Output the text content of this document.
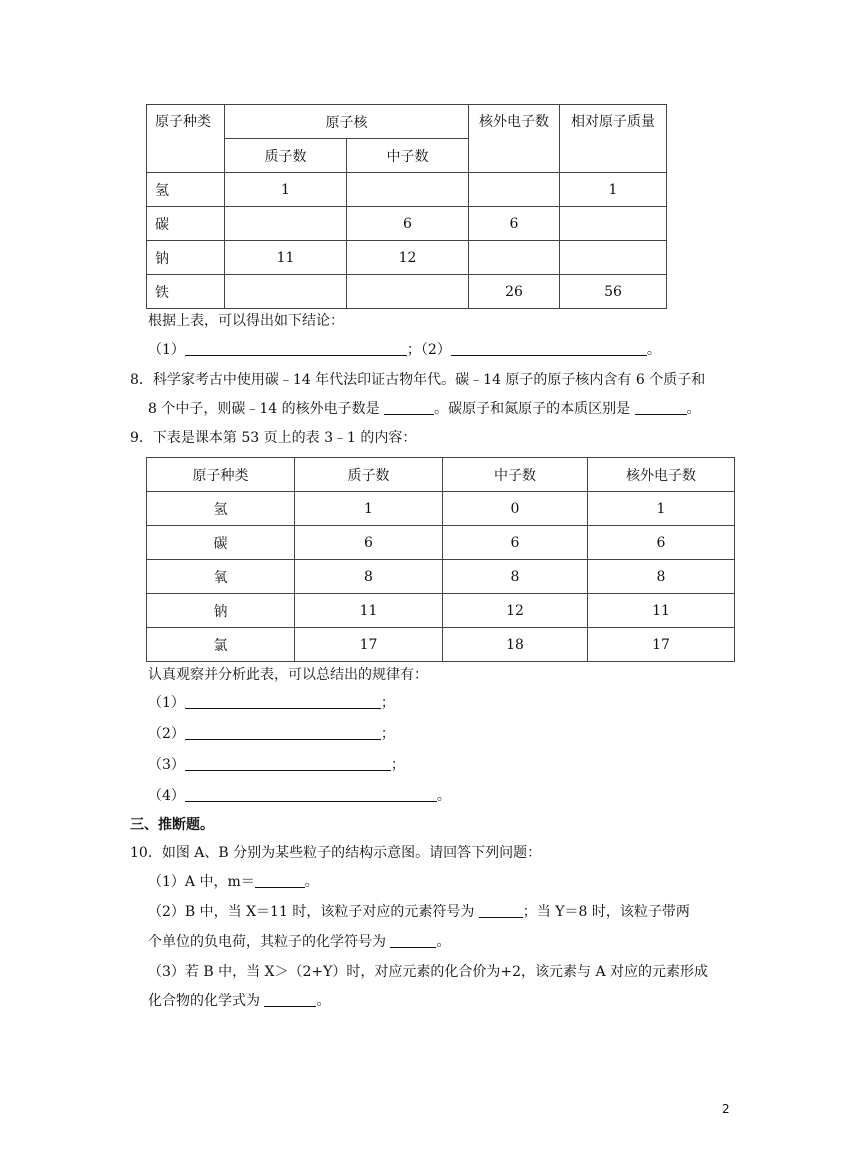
原子种类	原子核		核外电子数	相对原子质量
	质子数	中子数		
氢	1			1
碳		6	6	
钠	11	12		
铁			26	56
根据上表，可以得出如下结论：
（1）	；（2）	。
8．科学家考古中使用碳﹣14 年代法印证古物年代。碳﹣14 原子的原子核内含有 6 个质子和
8 个中子，则碳﹣14 的核外电子数是	。碳原子和氮原子的本质区别是	。
9．下表是课本第 53 页上的表 3﹣1 的内容：
原子种类	质子数	中子数	核外电子数
氢	1	0	1
碳	6	6	6
氧	8	8	8
钠	11	12	11
氯	17	18	17
认真观察并分析此表，可以总结出的规律有：
（1）	；
（2）	；
（3）	；
（4）	。
三、推断题。
10．如图 A、B 分别为某些粒子的结构示意图。请回答下列问题：
（1）A 中，m＝	。
（2）B 中，当 X＝11 时，该粒子对应的元素符号为	；当 Y＝8 时，该粒子带两
个单位的负电荷，其粒子的化学符号为	。
（3）若 B 中，当 X＞（2+Y）时，对应元素的化合价为+2，该元素与 A 对应的元素形成
化合物的化学式为	。
2
